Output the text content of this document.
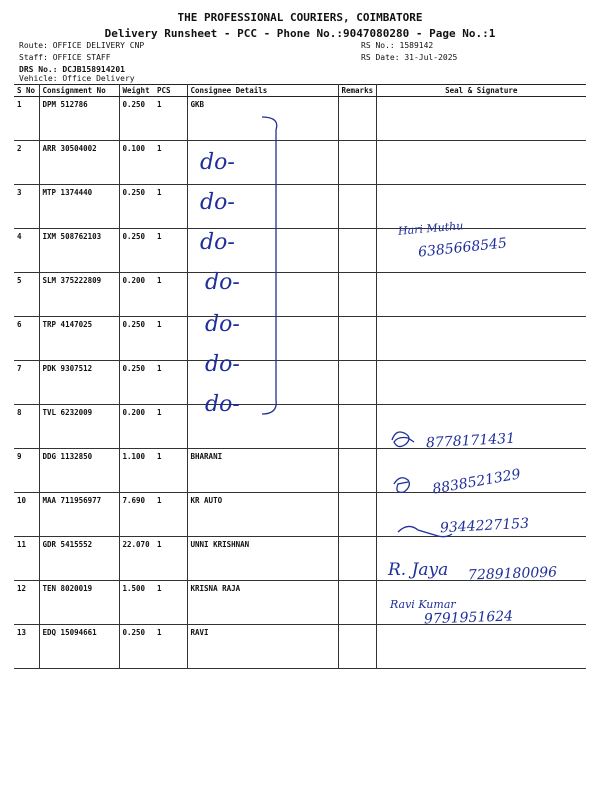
THE PROFESSIONAL COURIERS, COIMBATORE
Delivery Runsheet - PCC - Phone No.:9047080280 - Page No.:1
Route: OFFICE DELIVERY CNP
Staff: OFFICE STAFF
DRS No.: DCJB158914201
Vehicle: Office Delivery
RS No.: 1589142
RS Date: 31-Jul-2025
S No	Consignment No	Weight	PCS	Consignee Details	Remarks	Seal & Signature
1	DPM 512786	0.250	1	GKB		
2	ARR 30504002	0.100	1			
3	MTP 1374440	0.250	1			
4	IXM 508762103	0.250	1			
5	SLM 375222809	0.200	1			
6	TRP 4147025	0.250	1			
7	PDK 9307512	0.250	1			
8	TVL 6232009	0.200	1			
9	DDG 1132850	1.100	1	BHARANI		
10	MAA 711956977	7.690	1	KR AUTO		
11	GDR 5415552	22.070	1	UNNI KRISHNAN		
12	TEN 8020019	1.500	1	KRISNA RAJA		
13	EDQ 15094661	0.250	1	RAVI		
do-
do-
do-
do-
do-
do-
do-
Hari Muthu
6385668545
8778171431
8838521329
9344227153
R. Jaya 7289180096
Ravi Kumar
9791951624
